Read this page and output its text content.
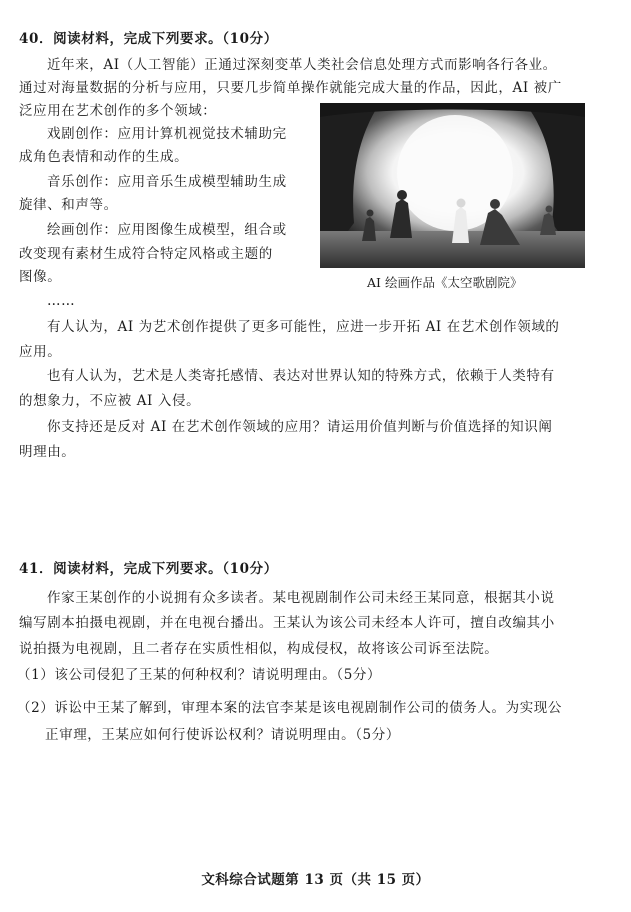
40．阅读材料，完成下列要求。（10分）
近年来，AI（人工智能）正通过深刻变革人类社会信息处理方式而影响各行各业。
通过对海量数据的分析与应用，只要几步简单操作就能完成大量的作品，因此，AI 被广
泛应用在艺术创作的多个领域：
戏剧创作：应用计算机视觉技术辅助完
成角色表情和动作的生成。
音乐创作：应用音乐生成模型辅助生成
旋律、和声等。
绘画创作：应用图像生成模型，组合或
改变现有素材生成符合特定风格或主题的
图像。
……
AI 绘画作品《太空歌剧院》
有人认为，AI 为艺术创作提供了更多可能性，应进一步开拓 AI 在艺术创作领域的
应用。
也有人认为，艺术是人类寄托感情、表达对世界认知的特殊方式，依赖于人类特有
的想象力，不应被 AI 入侵。
你支持还是反对 AI 在艺术创作领域的应用？请运用价值判断与价值选择的知识阐
明理由。
41．阅读材料，完成下列要求。（10分）
作家王某创作的小说拥有众多读者。某电视剧制作公司未经王某同意，根据其小说
编写剧本拍摄电视剧，并在电视台播出。王某认为该公司未经本人许可，擅自改编其小
说拍摄为电视剧，且二者存在实质性相似，构成侵权，故将该公司诉至法院。
（1）该公司侵犯了王某的何种权利？请说明理由。（5分）
（2）诉讼中王某了解到，审理本案的法官李某是该电视剧制作公司的债务人。为实现公
正审理，王某应如何行使诉讼权利？请说明理由。（5分）
文科综合试题第 13 页（共 15 页）
